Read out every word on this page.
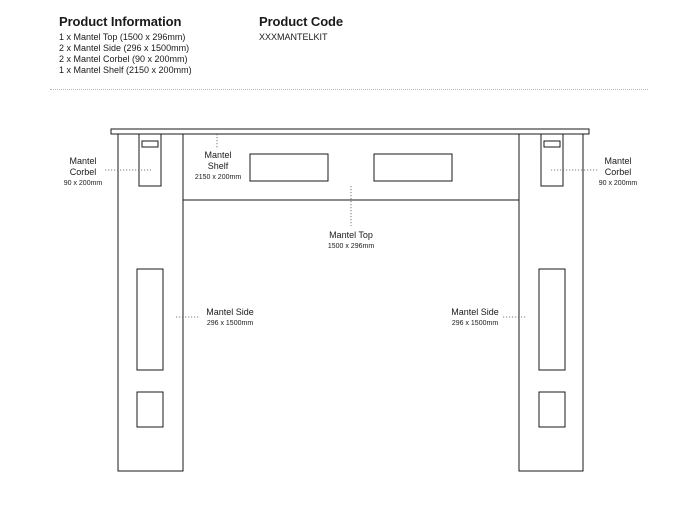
Product Information
1 x Mantel Top (1500 x 296mm)
2 x Mantel Side (296 x 1500mm)
2 x Mantel Corbel (90 x 200mm)
1 x Mantel Shelf (2150 x 200mm)
Product Code
XXXMANTELKIT
Mantel
Corbel
90 x 200mm
Mantel
Corbel
90 x 200mm
Mantel
Shelf
2150 x 200mm
Mantel Top
1500 x 296mm
Mantel Side
296 x 1500mm
Mantel Side
296 x 1500mm
